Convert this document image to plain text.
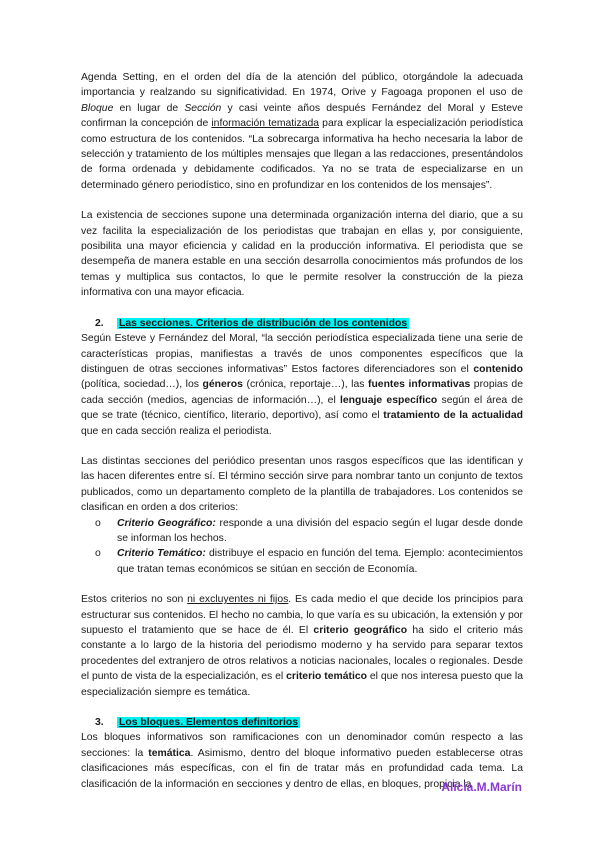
Agenda Setting, en el orden del día de la atención del público, otorgándole la adecuada importancia y realzando su significatividad. En 1974, Orive y Fagoaga proponen el uso de Bloque en lugar de Sección y casi veinte años después Fernández del Moral y Esteve confirman la concepción de información tematizada para explicar la especialización periodística como estructura de los contenidos. “La sobrecarga informativa ha hecho necesaria la labor de selección y tratamiento de los múltiples mensajes que llegan a las redacciones, presentándolos de forma ordenada y debidamente codificados. Ya no se trata de especializarse en un determinado género periodístico, sino en profundizar en los contenidos de los mensajes”.

La existencia de secciones supone una determinada organización interna del diario, que a su vez facilita la especialización de los periodistas que trabajan en ellas y, por consiguiente, posibilita una mayor eficiencia y calidad en la producción informativa. El periodista que se desempeña de manera estable en una sección desarrolla conocimientos más profundos de los temas y multiplica sus contactos, lo que le permite resolver la construcción de la pieza informativa con una mayor eficacia.

2. Las secciones. Criterios de distribución de los contenidos

Según Esteve y Fernández del Moral, “la sección periodística especializada tiene una serie de características propias, manifiestas a través de unos componentes específicos que la distinguen de otras secciones informativas” Estos factores diferenciadores son el contenido (política, sociedad…), los géneros (crónica, reportaje…), las fuentes informativas propias de cada sección (medios, agencias de información…), el lenguaje específico según el área de que se trate (técnico, científico, literario, deportivo), así como el tratamiento de la actualidad que en cada sección realiza el periodista.

Las distintas secciones del periódico presentan unos rasgos específicos que las identifican y las hacen diferentes entre sí. El término sección sirve para nombrar tanto un conjunto de textos publicados, como un departamento completo de la plantilla de trabajadores. Los contenidos se clasifican en orden a dos criterios:

o Criterio Geográfico: responde a una división del espacio según el lugar desde donde se informan los hechos.
o Criterio Temático: distribuye el espacio en función del tema. Ejemplo: acontecimientos que tratan temas económicos se sitúan en sección de Economía.

Estos criterios no son ni excluyentes ni fijos. Es cada medio el que decide los principios para estructurar sus contenidos. El hecho no cambia, lo que varía es su ubicación, la extensión y por supuesto el tratamiento que se hace de él. El criterio geográfico ha sido el criterio más constante a lo largo de la historia del periodismo moderno y ha servido para separar textos procedentes del extranjero de otros relativos a noticias nacionales, locales o regionales. Desde el punto de vista de la especialización, es el criterio temático el que nos interesa puesto que la especialización siempre es temática.

3. Los bloques. Elementos definitorios

Los bloques informativos son ramificaciones con un denominador común respecto a las secciones: la temática. Asimismo, dentro del bloque informativo pueden establecerse otras clasificaciones más específicas, con el fin de tratar más en profundidad cada tema. La clasificación de la información en secciones y dentro de ellas, en bloques, propicia la

Alicia.M.Marín
